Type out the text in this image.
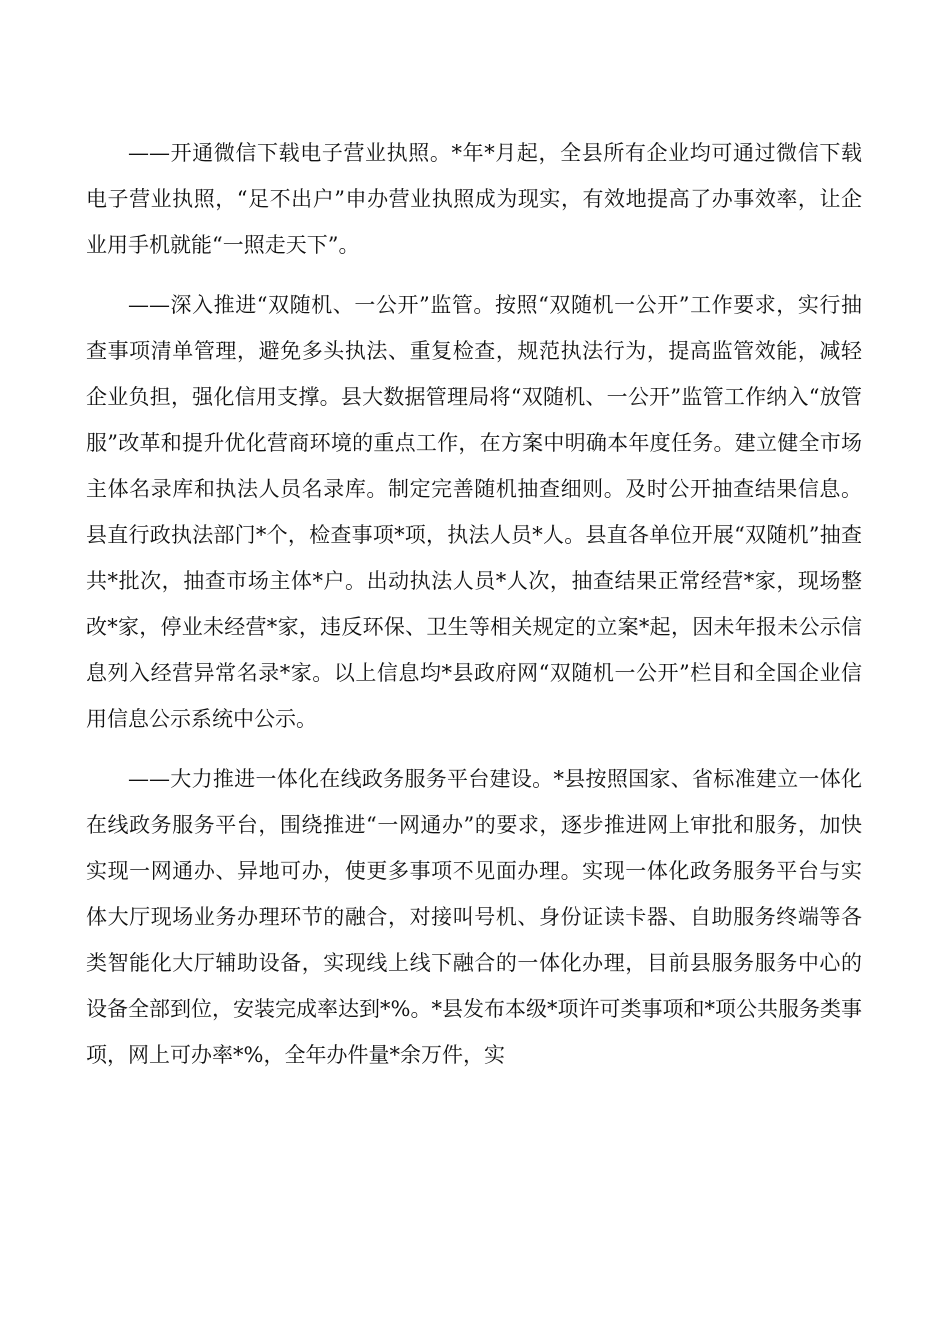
——开通微信下载电子营业执照。*年*月起，全县所有企业均可通过微信下载电子营业执照，“足不出户”申办营业执照成为现实，有效地提高了办事效率，让企业用手机就能“一照走天下”。

——深入推进“双随机、一公开”监管。按照“双随机一公开”工作要求，实行抽查事项清单管理，避免多头执法、重复检查，规范执法行为，提高监管效能，减轻企业负担，强化信用支撑。县大数据管理局将“双随机、一公开”监管工作纳入“放管服”改革和提升优化营商环境的重点工作，在方案中明确本年度任务。建立健全市场主体名录库和执法人员名录库。制定完善随机抽查细则。及时公开抽查结果信息。县直行政执法部门*个，检查事项*项，执法人员*人。县直各单位开展“双随机”抽查共*批次，抽查市场主体*户。出动执法人员*人次，抽查结果正常经营*家，现场整改*家，停业未经营*家，违反环保、卫生等相关规定的立案*起，因未年报未公示信息列入经营异常名录*家。以上信息均*县政府网“双随机一公开”栏目和全国企业信用信息公示系统中公示。

——大力推进一体化在线政务服务平台建设。*县按照国家、省标准建立一体化在线政务服务平台，围绕推进“一网通办”的要求，逐步推进网上审批和服务，加快实现一网通办、异地可办，使更多事项不见面办理。实现一体化政务服务平台与实体大厅现场业务办理环节的融合，对接叫号机、身份证读卡器、自助服务终端等各类智能化大厅辅助设备，实现线上线下融合的一体化办理，目前县服务服务中心的设备全部到位，安装完成率达到*%。*县发布本级*项许可类事项和*项公共服务类事项，网上可办率*%，全年办件量*余万件，实
